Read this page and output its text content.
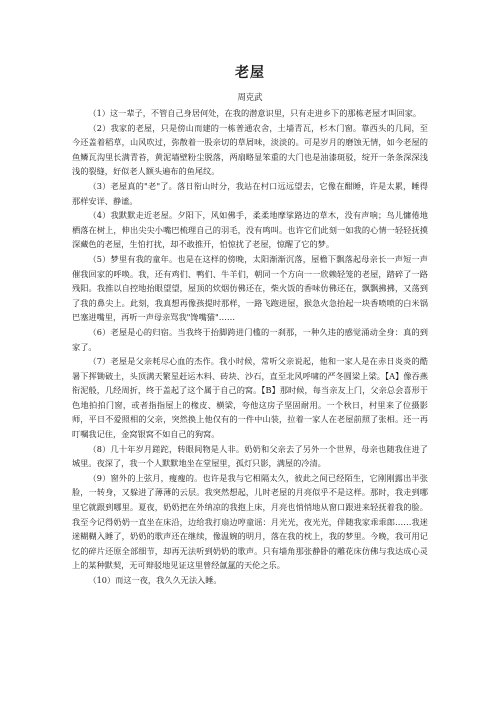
老屋
周克武

（1）这一辈子，不管自己身居何处，在我的潜意识里，只有走进乡下的那栋老屋才叫回家。

（2）我家的老屋，只是傍山而建的一栋普通农舍，土墙青瓦，杉木门窗。靠西头的几间，至今还盖着稻草，山风吹过，弥散着一股亲切的草屑味，淡淡的。可是岁月的磨蚀无情，如今老屋的鱼鳞瓦沟里长满青苔，黄泥墙壁粉尘脱落，两扇略显笨重的大门也是油漆斑驳，绽开一条条深深浅浅的裂缝，好似老人额头遍布的鱼尾纹。

（3）老屋真的"老"了。落日衔山时分，我站在村口远远望去，它像在酣睡，许是太累，睡得那样安详、静谧。

（4）我默默走近老屋。夕阳下，风如佛手，柔柔地摩挲路边的草木，没有声响；鸟儿慵倦地栖落在树上，伸出尖尖小嘴巴梳理自己的羽毛，没有鸣叫。也许它们此刻一如我的心情一轻轻抚摸深藏色的老屋，生怕打扰，却不敢推开，怕惊扰了老屋，惊醒了它的梦。

（5）梦里有我的童年。也是在这样的傍晚，太阳渐渐沉落，屋檐下飘落起母亲长一声短一声催我回家的呼唤。我，还有鸡们、鸭们、牛羊们，朝同一个方向一一欣赖轻笼的老屋，踏碎了一路残阳。我推以自控地抬眼望望，屋顶的炊烟仿佛还在，柴火饭的香味仿佛还在，飘飘拂拂，又荡到了我的鼻尖上。此刻，我真想再像孩提时那样，一路飞跑进屋，猴急火急抬起一块香喷喷的白米锅巴塞进嘴里，再听一声母亲骂我"馋嘴猫"……

（6）老屋是心的归宿。当我终于抬脚跨进门槛的一刹那，一种久违的感觉涌动全身：真的到家了。

（7）老屋是父亲耗尽心血的杰作。我小时候，常听父亲说起，他和一家人是在赤日炎炎的酷暑下挥锄破土，头顶满天繁星赶运木料、砖块、沙石，直至北风呼啸的严冬圆梁上梁。【A】像吞燕衔泥般，几经周折，终于盖起了这个属于自己的窝。【B】那时候，每当亲友上门，父亲总会喜形于色地拍拍门窗，或者指指屋上的椽皮、横梁，夸他这房子坚固耐用。一个秋日，村里来了位摄影师，平日不爱照相的父亲，突然换上他仅有的一件中山装，拉着一家人在老屋前照了张相。还一再叮嘱我记住，金窝银窝不如自己的狗窝。

（8）几十年岁月蹉跎，转眼间物是人非。奶奶和父亲去了另外一个世界，母亲也随我住进了城里。夜深了，我一个人默默地坐在堂屋里，孤灯只影，满屋的冷清。

（9）窗外的上弦月，瘦瘦的。也许是我与它相隔太久，彼此之间已经陌生，它刚刚露出半张脸，一转身，又躲进了薄薄的云层。我突然想起，儿时老屋的月亮似乎不是这样。那时，我走到哪里它就跟到哪里。夏夜，奶奶把在外纳凉的我抱上床，月亮也悄悄地从窗口跟进来轻抚着我的脸。我至今记得奶奶一直坐在床沿，边给我打扇边哼童谣：月光光，夜光光，伴随我家乖乖郎……我迷迷糊糊入睡了，奶奶的歌声还在继续，像温婉的明月，落在我的枕上，我的梦里。今晚，我可用记忆的碎片还原全部细节，却再无法听到奶奶的歌声。只有墙角那张静卧的雕花床仿佛与我达成心灵上的某种默契，无可辩驳地见证这里曾经氤氲的天伦之乐。

（10）而这一夜，我久久无法入睡。
